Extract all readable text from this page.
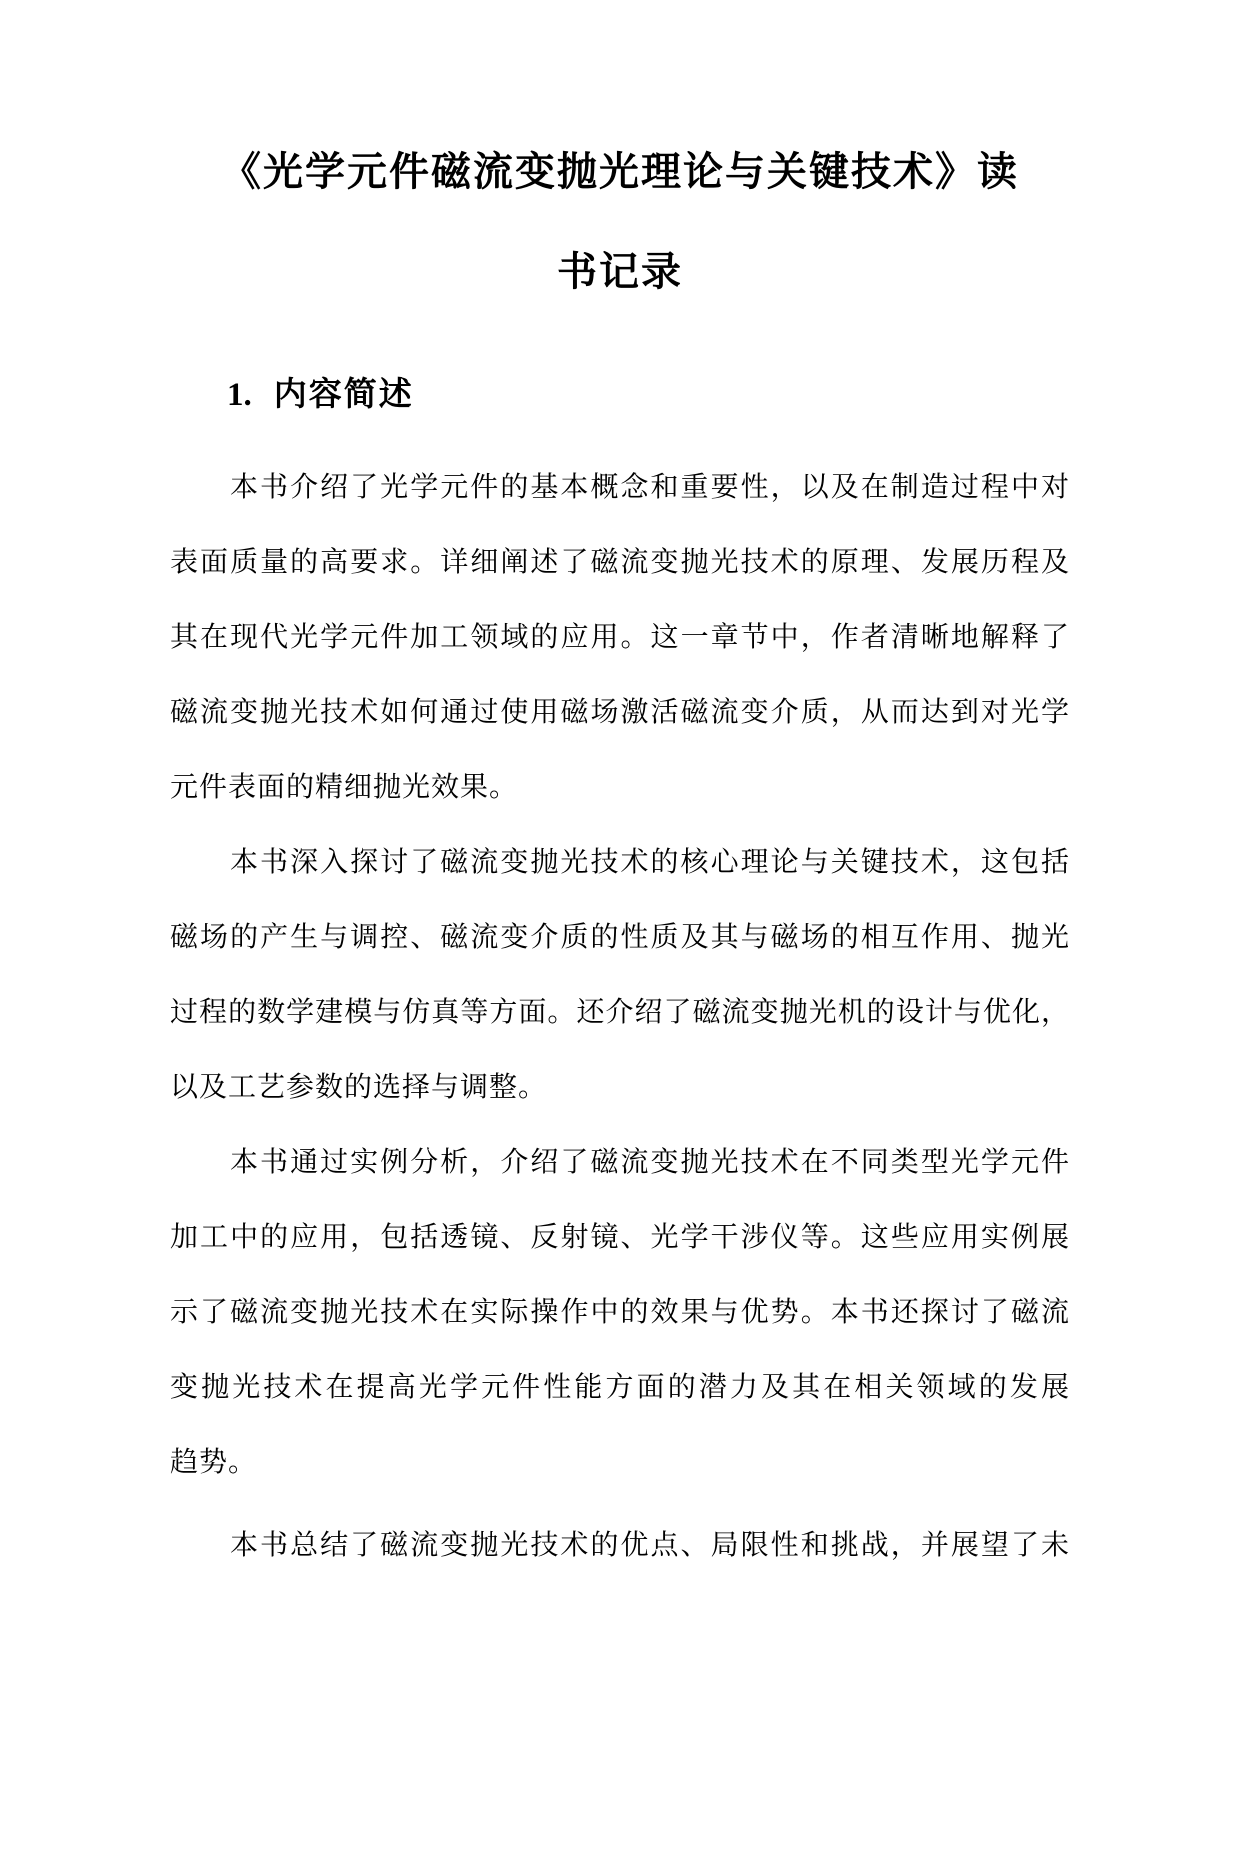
《光学元件磁流变抛光理论与关键技术》读
书记录
1. 内容简述
本书介绍了光学元件的基本概念和重要性，以及在制造过程中对
表面质量的高要求。详细阐述了磁流变抛光技术的原理、发展历程及
其在现代光学元件加工领域的应用。这一章节中，作者清晰地解释了
磁流变抛光技术如何通过使用磁场激活磁流变介质，从而达到对光学
元件表面的精细抛光效果。
本书深入探讨了磁流变抛光技术的核心理论与关键技术，这包括
磁场的产生与调控、磁流变介质的性质及其与磁场的相互作用、抛光
过程的数学建模与仿真等方面。还介绍了磁流变抛光机的设计与优化，
以及工艺参数的选择与调整。
本书通过实例分析，介绍了磁流变抛光技术在不同类型光学元件
加工中的应用，包括透镜、反射镜、光学干涉仪等。这些应用实例展
示了磁流变抛光技术在实际操作中的效果与优势。本书还探讨了磁流
变抛光技术在提高光学元件性能方面的潜力及其在相关领域的发展
趋势。
本书总结了磁流变抛光技术的优点、局限性和挑战，并展望了未
